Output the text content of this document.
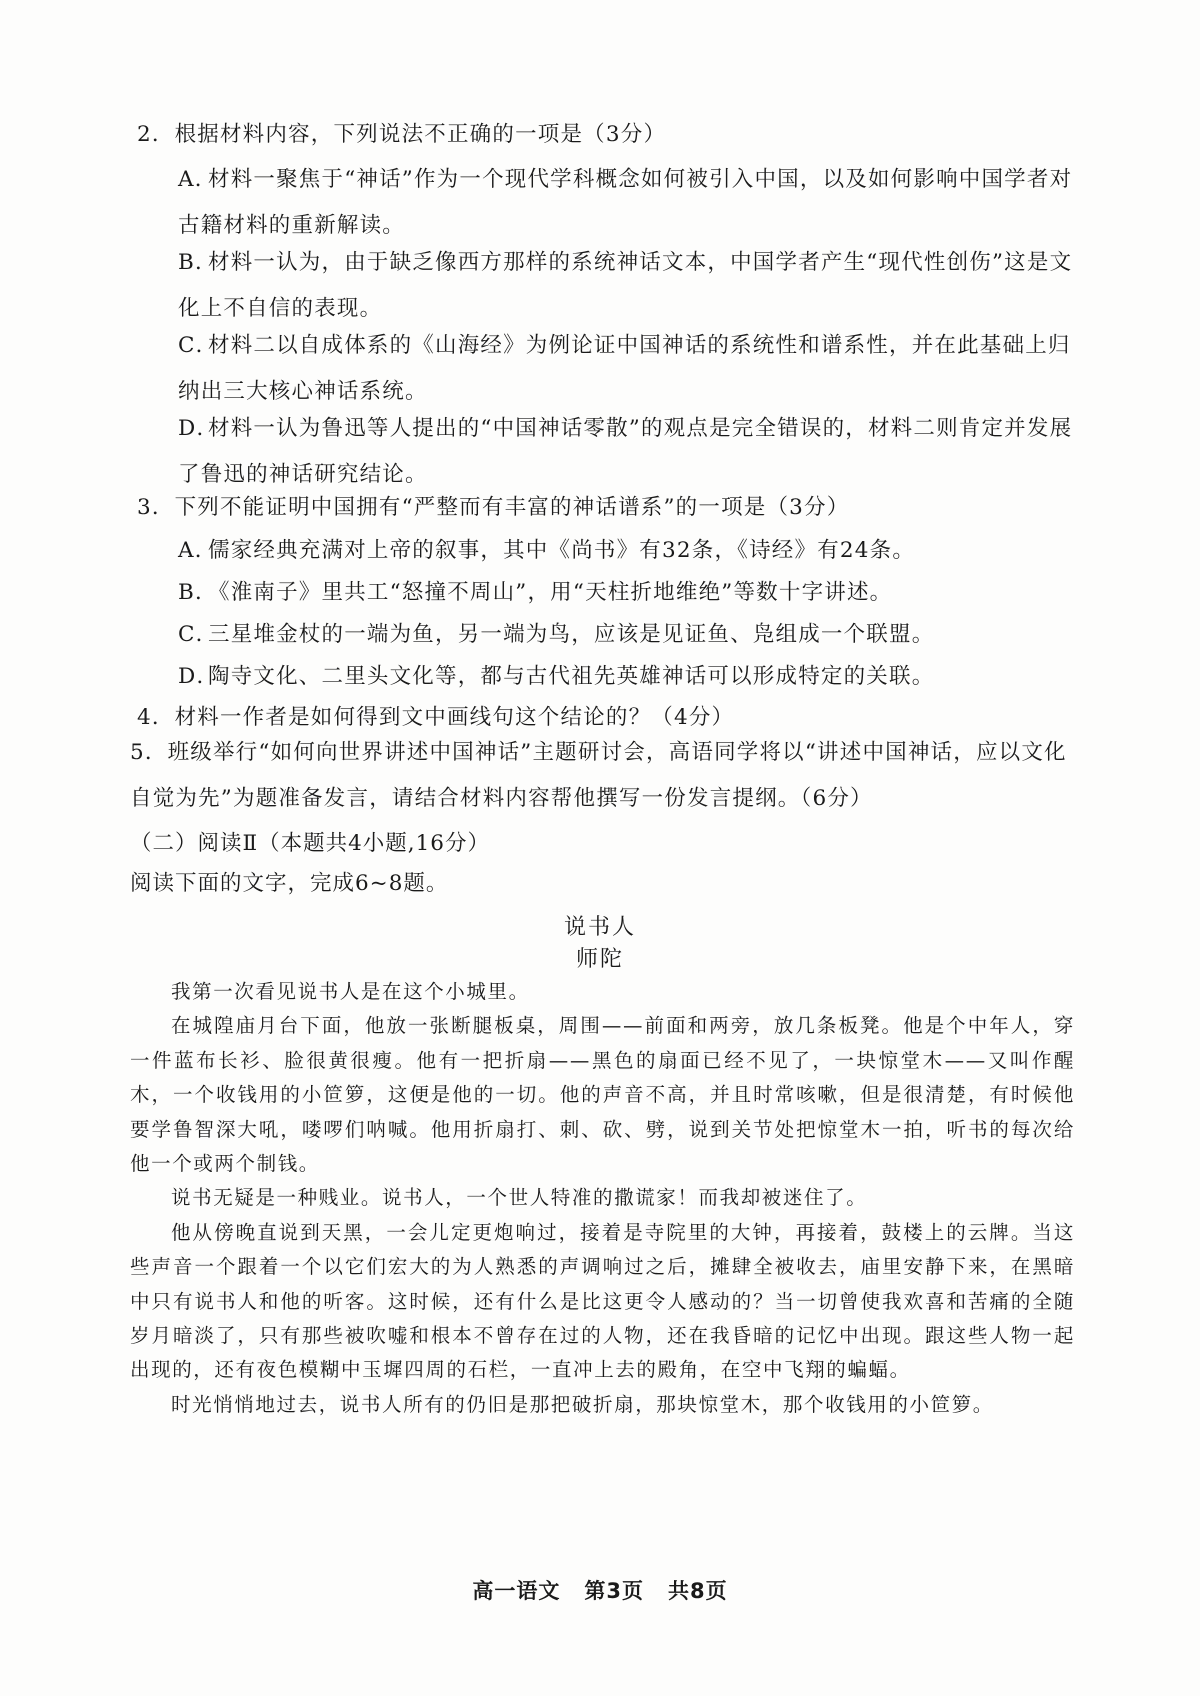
2．根据材料内容，下列说法不正确的一项是（3分）

A．材料一聚焦于“神话”作为一个现代学科概念如何被引入中国，以及如何影响中国学者对古籍材料的重新解读。
B．材料一认为，由于缺乏像西方那样的系统神话文本，中国学者产生“现代性创伤”这是文化上不自信的表现。
C．材料二以自成体系的《山海经》为例论证中国神话的系统性和谱系性，并在此基础上归纳出三大核心神话系统。
D．材料一认为鲁迅等人提出的“中国神话零散”的观点是完全错误的，材料二则肯定并发展了鲁迅的神话研究结论。

3．下列不能证明中国拥有“严整而有丰富的神话谱系”的一项是（3分）

A．儒家经典充满对上帝的叙事，其中《尚书》有32条，《诗经》有24条。
B．《淮南子》里共工“怒撞不周山”，用“天柱折地维绝”等数十字讲述。
C．三星堆金杖的一端为鱼，另一端为鸟，应该是见证鱼、凫组成一个联盟。
D．陶寺文化、二里头文化等，都与古代祖先英雄神话可以形成特定的关联。

4．材料一作者是如何得到文中画线句这个结论的？（4分）

5．班级举行“如何向世界讲述中国神话”主题研讨会，高语同学将以“讲述中国神话，应以文化自觉为先”为题准备发言，请结合材料内容帮他撰写一份发言提纲。（6分）

（二）阅读Ⅱ（本题共4小题,16分）

阅读下面的文字，完成6~8题。

说书人

师陀

我第一次看见说书人是在这个小城里。

在城隍庙月台下面，他放一张断腿板桌，周围——前面和两旁，放几条板凳。他是个中年人，穿一件蓝布长衫、脸很黄很瘦。他有一把折扇——黑色的扇面已经不见了，一块惊堂木——又叫作醒木，一个收钱用的小笸箩，这便是他的一切。他的声音不高，并且时常咳嗽，但是很清楚，有时候他要学鲁智深大吼，喽啰们呐喊。他用折扇打、刺、砍、劈，说到关节处把惊堂木一拍，听书的每次给他一个或两个制钱。

说书无疑是一种贱业。说书人，一个世人特准的撒谎家！而我却被迷住了。

他从傍晚直说到天黑，一会儿定更炮响过，接着是寺院里的大钟，再接着，鼓楼上的云牌。当这些声音一个跟着一个以它们宏大的为人熟悉的声调响过之后，摊肆全被收去，庙里安静下来，在黑暗中只有说书人和他的听客。这时候，还有什么是比这更令人感动的？当一切曾使我欢喜和苦痛的全随岁月暗淡了，只有那些被吹嘘和根本不曾存在过的人物，还在我昏暗的记忆中出现。跟这些人物一起出现的，还有夜色模糊中玉墀四周的石栏，一直冲上去的殿角，在空中飞翔的蝙蝠。

时光悄悄地过去，说书人所有的仍旧是那把破折扇，那块惊堂木，那个收钱用的小笸箩。

高一语文 第3页 共8页
